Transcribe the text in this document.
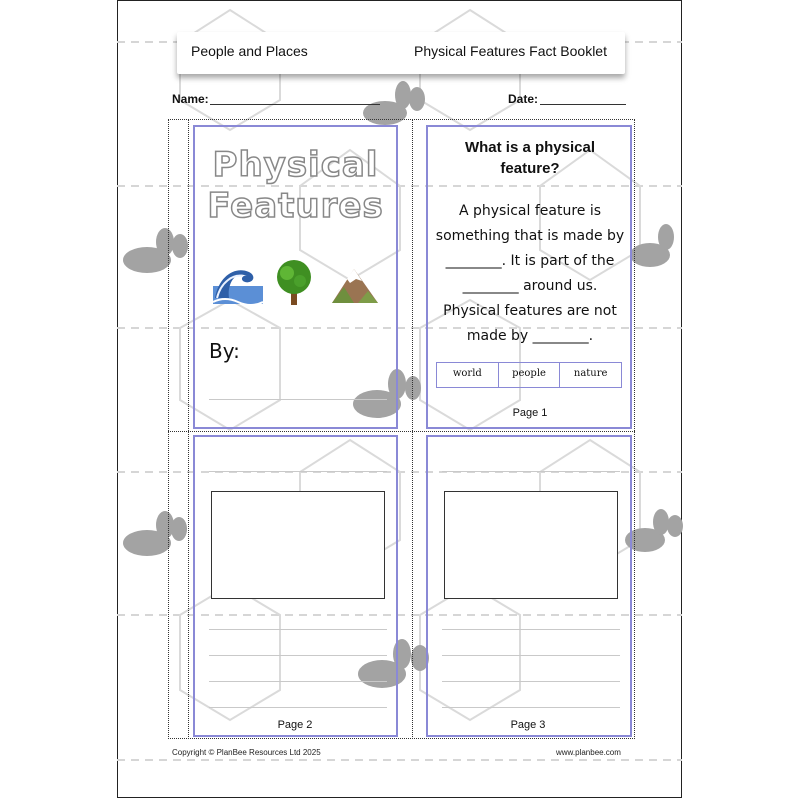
People and Places	Physical Features Fact Booklet
Name:	Date:
Physical
Features
By:
What is a physical feature?
A physical feature is
something that is made by
________. It is part of the
________ around us.
Physical features are not
made by ________.
world	people	nature
Page 1
Page 2	Page 3
Copyright © PlanBee Resources Ltd 2025	www.planbee.com
